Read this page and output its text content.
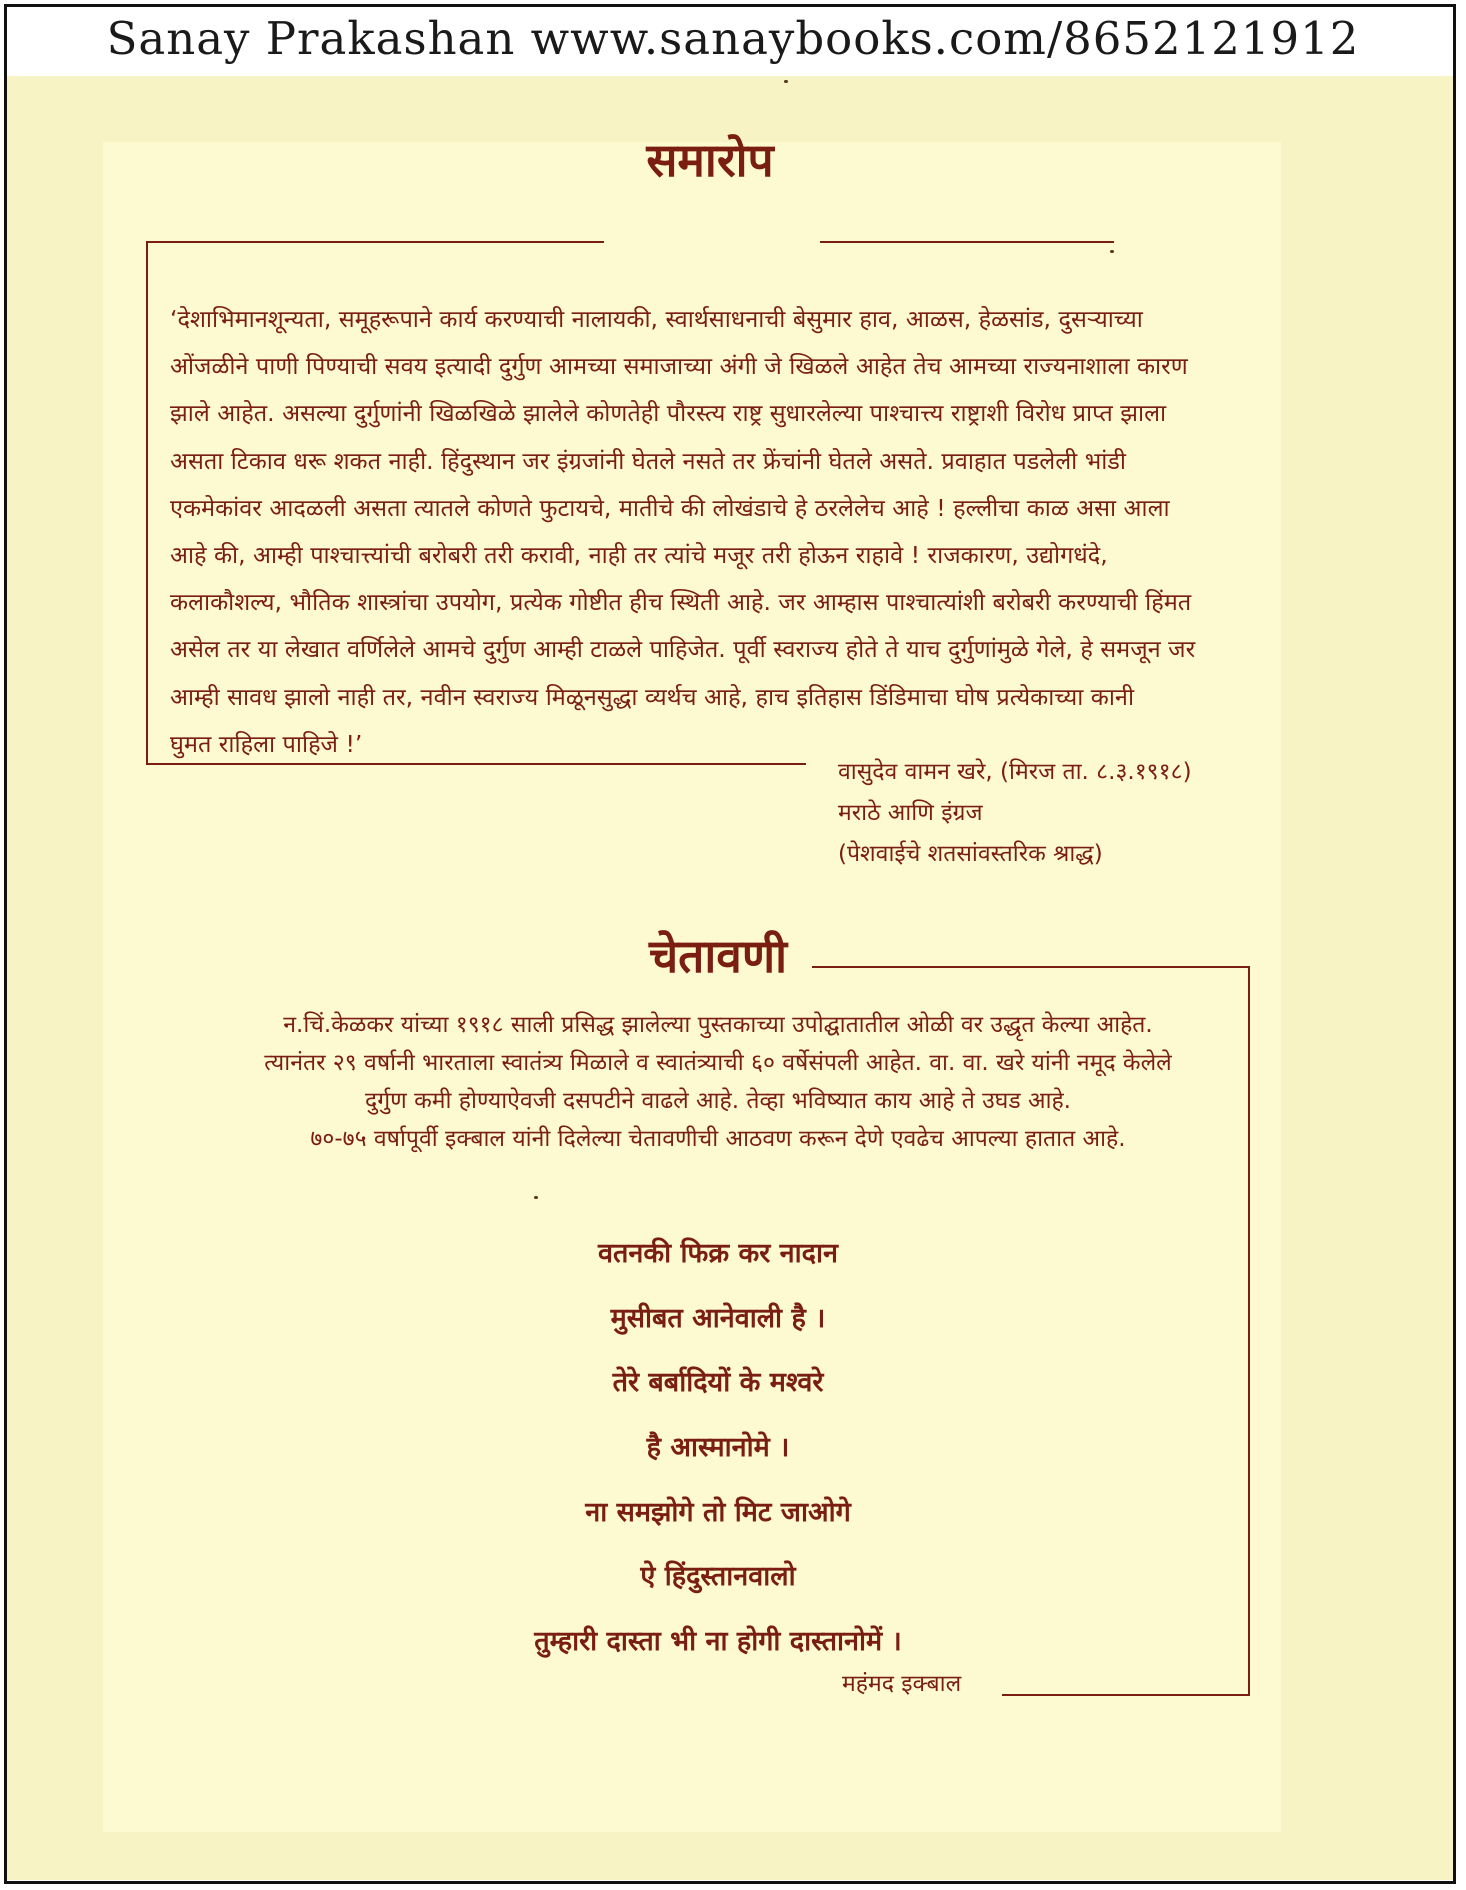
Sanay Prakashan www.sanaybooks.com/8652121912
समारोप
‘देशाभिमानशून्यता, समूहरूपाने कार्य करण्याची नालायकी, स्वार्थसाधनाची बेसुमार हाव, आळस, हेळसांड, दुसऱ्याच्या
ओंजळीने पाणी पिण्याची सवय इत्यादी दुर्गुण आमच्या समाजाच्या अंगी जे खिळले आहेत तेच आमच्या राज्यनाशाला कारण
झाले आहेत. असल्या दुर्गुणांनी खिळखिळे झालेले कोणतेही पौरस्त्य राष्ट्र सुधारलेल्या पाश्चात्त्य राष्ट्राशी विरोध प्राप्त झाला
असता टिकाव धरू शकत नाही. हिंदुस्थान जर इंग्रजांनी घेतले नसते तर फ्रेंचांनी घेतले असते. प्रवाहात पडलेली भांडी
एकमेकांवर आदळली असता त्यातले कोणते फुटायचे, मातीचे की लोखंडाचे हे ठरलेलेच आहे ! हल्लीचा काळ असा आला
आहे की, आम्ही पाश्चात्त्यांची बरोबरी तरी करावी, नाही तर त्यांचे मजूर तरी होऊन राहावे ! राजकारण, उद्योगधंदे,
कलाकौशल्य, भौतिक शास्त्रांचा उपयोग, प्रत्येक गोष्टीत हीच स्थिती आहे. जर आम्हास पाश्चात्यांशी बरोबरी करण्याची हिंमत
असेल तर या लेखात वर्णिलेले आमचे दुर्गुण आम्ही टाळले पाहिजेत. पूर्वी स्वराज्य होते ते याच दुर्गुणांमुळे गेले, हे समजून जर
आम्ही सावध झालो नाही तर, नवीन स्वराज्य मिळूनसुद्धा व्यर्थच आहे, हाच इतिहास डिंडिमाचा घोष प्रत्येकाच्या कानी
घुमत राहिला पाहिजे !’
वासुदेव वामन खरे, (मिरज ता. ८.३.१९१८)
मराठे आणि इंग्रज
(पेशवाईचे शतसांवस्तरिक श्राद्ध)
चेतावणी
न.चिं.केळकर यांच्या १९१८ साली प्रसिद्ध झालेल्या पुस्तकाच्या उपोद्घातातील ओळी वर उद्धृत केल्या आहेत.
त्यानंतर २९ वर्षानी भारताला स्वातंत्र्य मिळाले व स्वातंत्र्याची ६० वर्षेसंपली आहेत. वा. वा. खरे यांनी नमूद केलेले
दुर्गुण कमी होण्याऐवजी दसपटीने वाढले आहे. तेव्हा भविष्यात काय आहे ते उघड आहे.
७०-७५ वर्षापूर्वी इक्बाल यांनी दिलेल्या चेतावणीची आठवण करून देणे एवढेच आपल्या हातात आहे.
वतनकी फिक्र कर नादान
मुसीबत आनेवाली है ।
तेरे बर्बादियों के मश्वरे
है आस्मानोमे ।
ना समझोगे तो मिट जाओगे
ऐ हिंदुस्तानवालो
तुम्हारी दास्ता भी ना होगी दास्तानोमें ।
महंमद इक्बाल
